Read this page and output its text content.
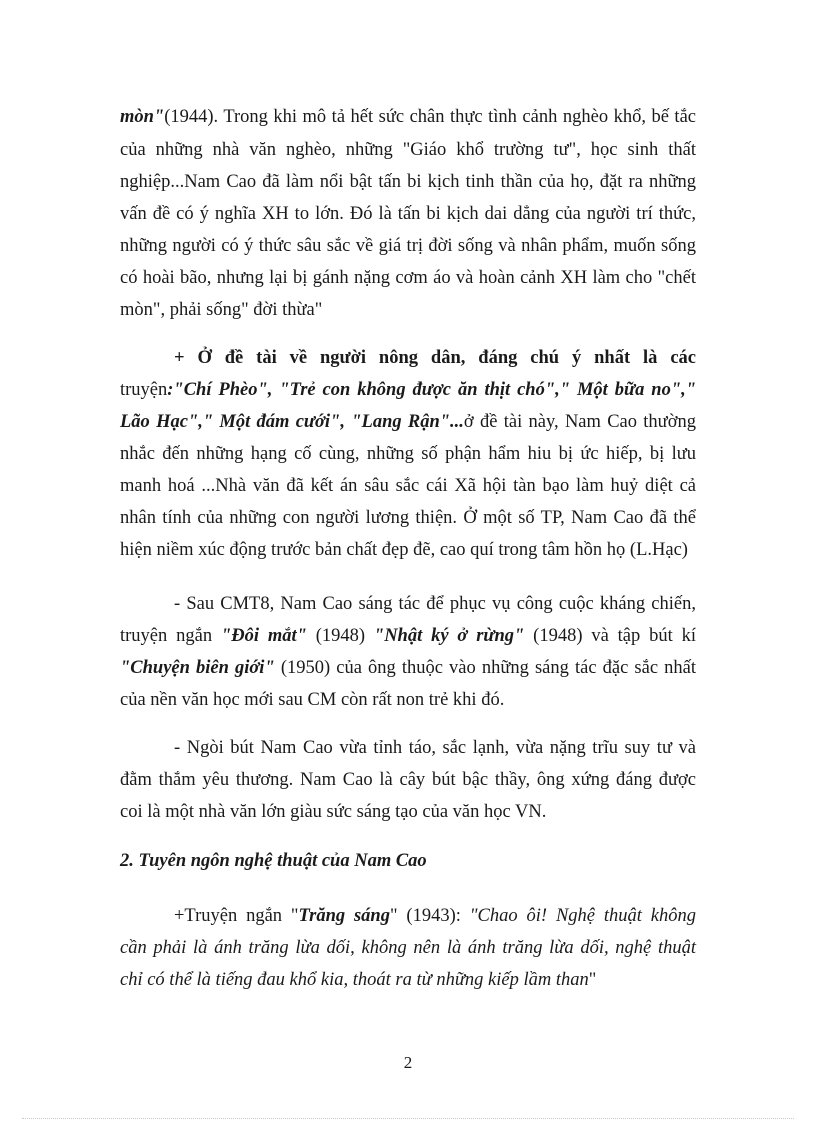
mòn"(1944). Trong khi mô tả hết sức chân thực tình cảnh nghèo khổ, bế tắc
của những nhà văn nghèo, những "Giáo khổ trường tư", học sinh thất
nghiệp...Nam Cao đã làm nổi bật tấn bi kịch tinh thần của họ, đặt ra những
vấn đề có ý nghĩa XH to lớn. Đó là tấn bi kịch dai dẳng của người trí thức,
những người có ý thức sâu sắc về giá trị đời sống và nhân phẩm, muốn sống
có hoài bão, nhưng lại bị gánh nặng cơm áo và hoàn cảnh XH làm cho "chết
mòn", phải sống" đời thừa"
+ Ở đề tài về người nông dân, đáng chú ý nhất là các
truyện:"Chí Phèo", "Trẻ con không được ăn thịt chó"," Một bữa no","
Lão Hạc"," Một đám cưới", "Lang Rận"...ở đề tài này, Nam Cao thường
nhắc đến những hạng cố cùng, những số phận hẩm hiu bị ức hiếp, bị lưu
manh hoá ...Nhà văn đã kết án sâu sắc cái Xã hội tàn bạo làm huỷ diệt cả
nhân tính của những con người lương thiện. Ở một số TP, Nam Cao đã thể
hiện niềm xúc động trước bản chất đẹp đẽ, cao quí trong tâm hồn họ (L.Hạc)
- Sau CMT8, Nam Cao sáng tác để phục vụ công cuộc kháng chiến,
truyện ngắn "Đôi mắt" (1948) "Nhật ký ở rừng" (1948) và tập bút kí
"Chuyện biên giới" (1950) của ông thuộc vào những sáng tác đặc sắc nhất
của nền văn học mới sau CM còn rất non trẻ khi đó.
- Ngòi bút Nam Cao vừa tỉnh táo, sắc lạnh, vừa nặng trĩu suy tư và
đằm thắm yêu thương. Nam Cao là cây bút bậc thầy, ông xứng đáng được
coi là một nhà văn lớn giàu sức sáng tạo của văn học VN.
2. Tuyên ngôn nghệ thuật của Nam Cao
+Truyện ngắn "Trăng sáng" (1943): "Chao ôi! Nghệ thuật không
cần phải là ánh trăng lừa dối, không nên là ánh trăng lừa dối, nghệ thuật
chỉ có thể là tiếng đau khổ kia, thoát ra từ những kiếp lầm than"
2
